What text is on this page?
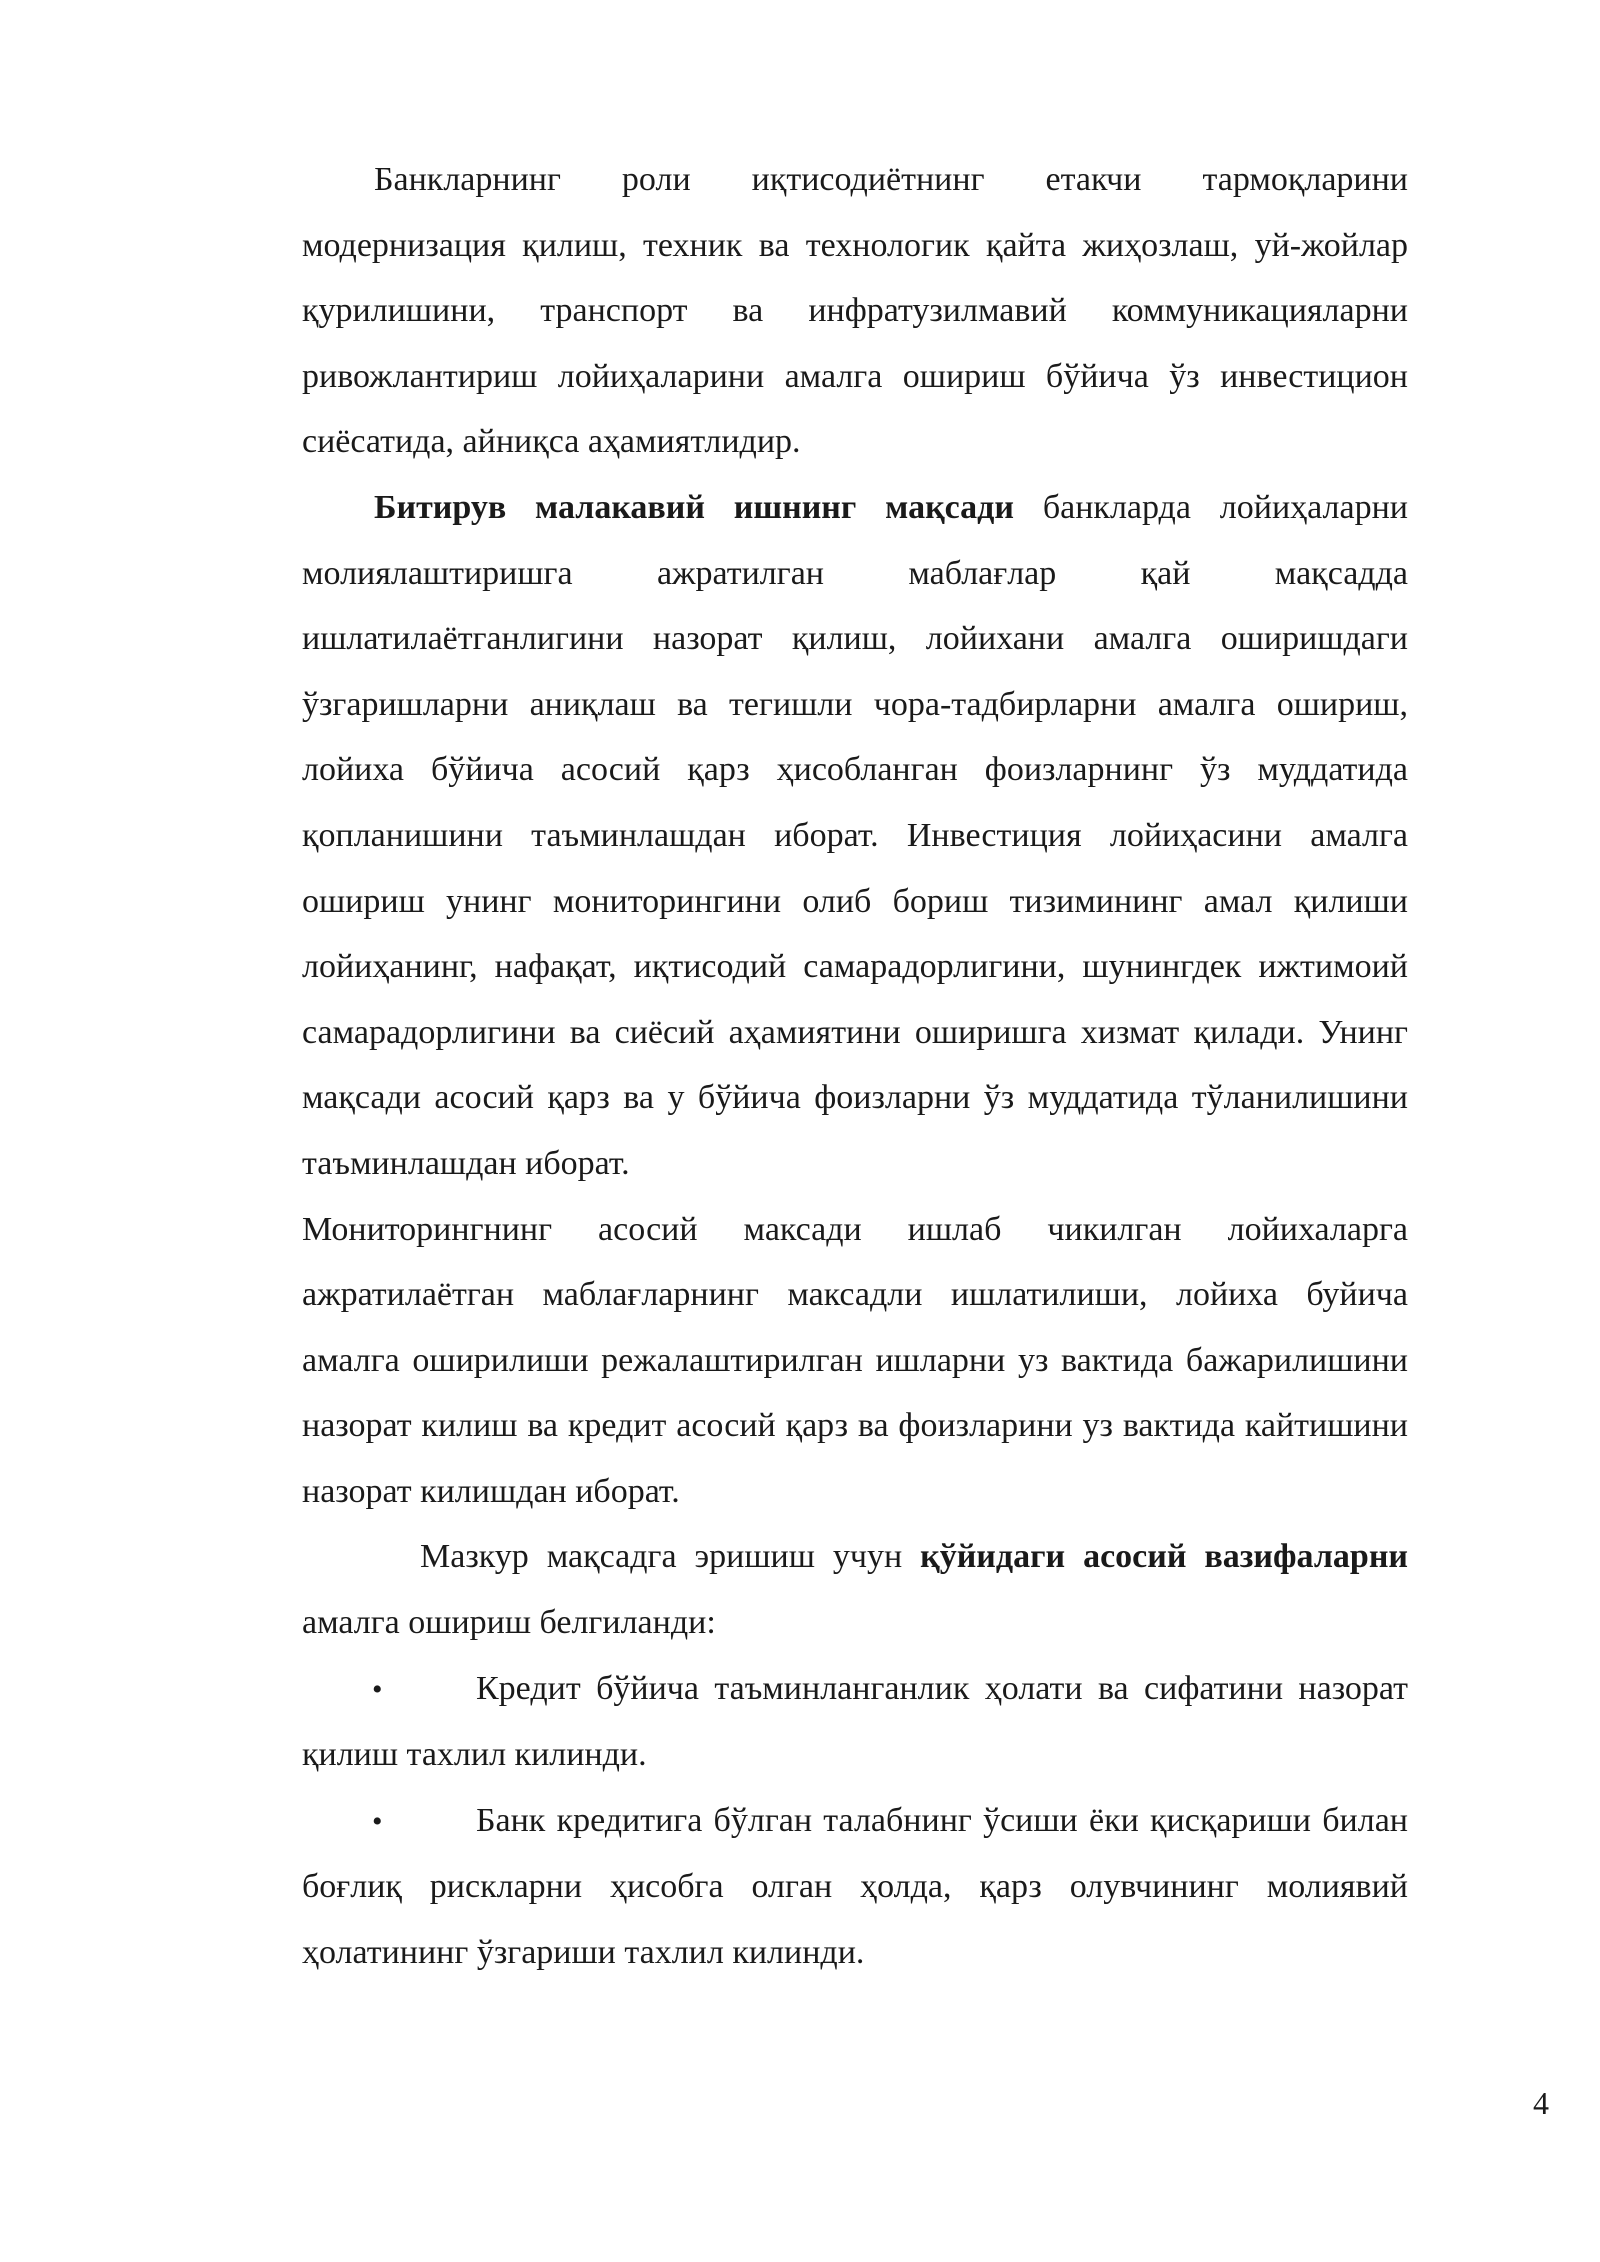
Банкларнинг роли иқтисодиётнинг етакчи тармоқларини модернизация қилиш, техник ва технологик қайта жиҳозлаш, уй-жойлар қурилишини, транспорт ва инфратузилмавий коммуникацияларни ривожлантириш лойиҳаларини амалга ошириш бўйича ўз инвестицион сиёсатида, айниқса аҳамиятлидир.

Битирув малакавий ишнинг мақсади банкларда лойиҳаларни молиялаштиришга ажратилган маблағлар қай мақсадда ишлатилаётганлигини назорат қилиш, лойихани амалга оширишдаги ўзгаришларни аниқлаш ва тегишли чора-тадбирларни амалга ошириш, лойиха бўйича асосий қарз ҳисобланган фоизларнинг ўз муддатида қопланишини таъминлашдан иборат. Инвестиция лойиҳасини амалга ошириш унинг мониторингини олиб бориш тизимининг амал қилиши лойиҳанинг, нафақат, иқтисодий самарадорлигини, шунингдек ижтимоий самарадорлигини ва сиёсий аҳамиятини оширишга хизмат қилади. Унинг мақсади асосий қарз ва у бўйича фоизларни ўз муддатида тўланилишини таъминлашдан иборат.

Мониторингнинг асосий максади ишлаб чикилган лойихаларга ажратилаётган маблағларнинг максадли ишлатилиши, лойиха буйича амалга оширилиши режалаштирилган ишларни уз вактида бажарилишини назорат килиш ва кредит асосий қарз ва фоизларини уз вактида кайтишини назорат килишдан иборат.

Мазкур мақсадга эришиш учун қўйидаги асосий вазифаларни амалга ошириш белгиланди:

•	Кредит бўйича таъминланганлик ҳолати ва сифатини назорат қилиш тахлил килинди.

•	Банк кредитига бўлган талабнинг ўсиши ёки қисқариши билан боғлиқ рискларни ҳисобга олган ҳолда, қарз олувчининг молиявий ҳолатининг ўзгариши тахлил килинди.

4
